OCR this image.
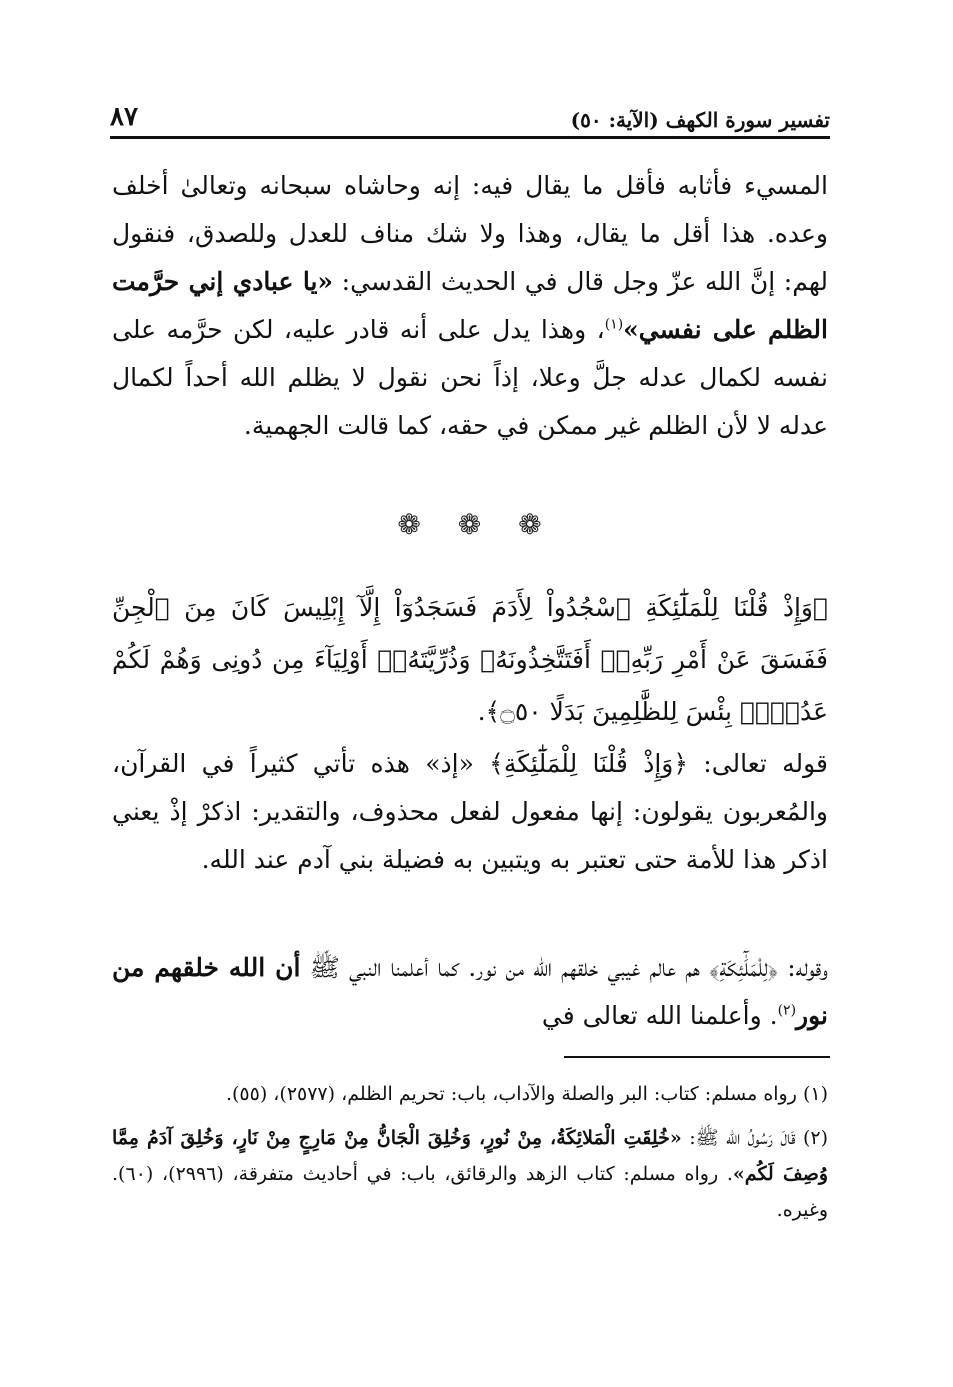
تفسير سورة الكهف (الآية: ٥٠)
٨٧

المسيء فأثابه فأقل ما يقال فيه: إنه وحاشاه سبحانه وتعالىٰ أخلف وعده. هذا أقل ما يقال، وهذا ولا شك مناف للعدل وللصدق، فنقول لهم: إنَّ الله عزّ وجل قال في الحديث القدسي: «يا عبادي إني حرَّمت الظلم على نفسي»$^{(١)}$، وهذا يدل على أنه قادر عليه، لكن حرَّمه على نفسه لكمال عدله جلَّ وعلا، إذاً نحن نقول لا يظلم الله أحداً لكمال عدله لا لأن الظلم غير ممكن في حقه، كما قالت الجهمية.

❁ ❁ ❁

﴿وَإِذْ قُلْنَا لِلْمَلَٰٓئِكَةِ ٱسْجُدُواْ لِأَدَمَ فَسَجَدُوٓاْ إِلَّآ إِبْلِيسَ كَانَ مِنَ ٱلْجِنِّ فَفَسَقَ عَنْ أَمْرِ رَبِّهِۦٓ أَفَتَتَّخِذُونَهُۥ وَذُرِّيَّتَهُۥٓ أَوْلِيَآءَ مِن دُونِى وَهُمْ لَكُمْ عَدُوٌّۢ بِئْسَ لِلظَّٰلِمِينَ بَدَلًا ۝٥٠﴾.

قوله تعالى: ﴿وَإِذْ قُلْنَا لِلْمَلَٰٓئِكَةِ﴾ «إذ» هذه تأتي كثيراً في القرآن، والمُعربون يقولون: إنها مفعول لفعل محذوف، والتقدير: اذكرْ إذْ يعني اذكر هذا للأمة حتى تعتبر به ويتبين به فضيلة بني آدم عند الله.

وقوله: ﴿لِلْمَلَٰٓئِكَةِ﴾ هم عالم غيبي خلقهم الله من نور. كما أعلمنا النبي ﷺ أن الله خلقهم من نور$^{(٢)}$. وأعلمنا الله تعالى في

(١) رواه مسلم: كتاب: البر والصلة والآداب، باب: تحريم الظلم، (٢٥٧٧)، (٥٥).

(٢) قَالَ رَسُولُ الله ﷺ: «خُلِقَتِ الْمَلائِكَةُ، مِنْ نُورٍ، وَخُلِقَ الْجَانُّ مِنْ مَارِجٍ مِنْ نَارٍ، وَخُلِقَ آدَمُ مِمَّا وُصِفَ لَكُم». رواه مسلم: كتاب الزهد والرقائق، باب: في أحاديث متفرقة، (٢٩٩٦)، (٦٠). وغيره.
